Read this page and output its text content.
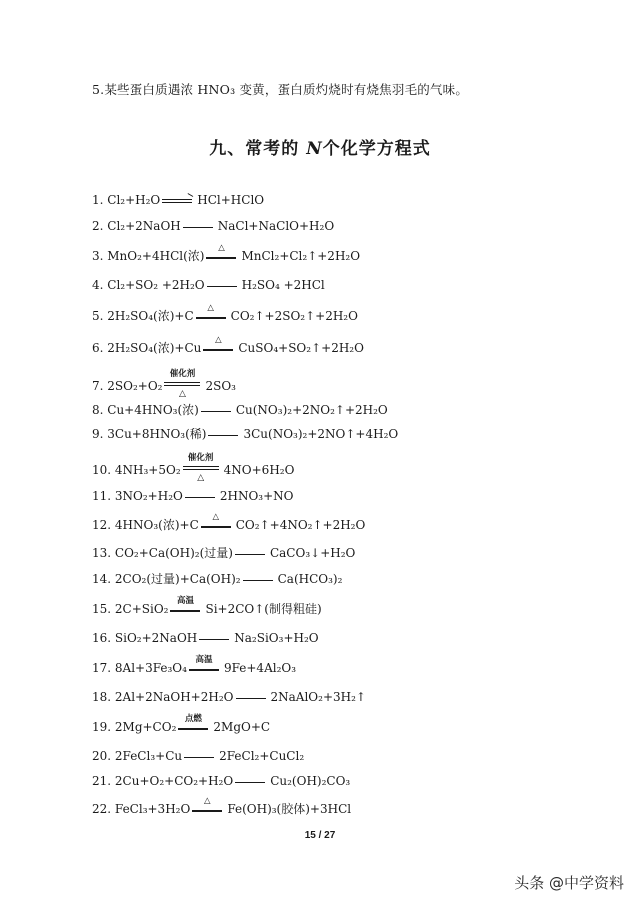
5.某些蛋白质遇浓 HNO₃ 变黄，蛋白质灼烧时有烧焦羽毛的气味。
九、常考的 N个化学方程式
1. Cl₂+H₂O	HCl+HClO
2. Cl₂+2NaOH	NaCl+NaClO+H₂O
3. MnO₂+4HCl(浓)
△
MnCl₂+Cl₂↑+2H₂O
4. Cl₂+SO₂ +2H₂O	H₂SO₄ +2HCl
5. 2H₂SO₄(浓)+C
△
CO₂↑+2SO₂↑+2H₂O
6. 2H₂SO₄(浓)+Cu
△
CuSO₄+SO₂↑+2H₂O
7. 2SO₂+O₂
催化剂
△
2SO₃
8. Cu+4HNO₃(浓)	Cu(NO₃)₂+2NO₂↑+2H₂O
9. 3Cu+8HNO₃(稀)	3Cu(NO₃)₂+2NO↑+4H₂O
10. 4NH₃+5O₂
催化剂
△
4NO+6H₂O
11. 3NO₂+H₂O	2HNO₃+NO
12. 4HNO₃(浓)+C
△
CO₂↑+4NO₂↑+2H₂O
13. CO₂+Ca(OH)₂(过量)	CaCO₃↓+H₂O
14. 2CO₂(过量)+Ca(OH)₂	Ca(HCO₃)₂
15. 2C+SiO₂
高温
Si+2CO↑(制得粗硅)
16. SiO₂+2NaOH	Na₂SiO₃+H₂O
17. 8Al+3Fe₃O₄
高温
9Fe+4Al₂O₃
18. 2Al+2NaOH+2H₂O	2NaAlO₂+3H₂↑
19. 2Mg+CO₂
点燃
2MgO+C
20. 2FeCl₃+Cu	2FeCl₂+CuCl₂
21. 2Cu+O₂+CO₂+H₂O	Cu₂(OH)₂CO₃
22. FeCl₃+3H₂O
△
Fe(OH)₃(胶体)+3HCl
15 / 27
头条 @中学资料
